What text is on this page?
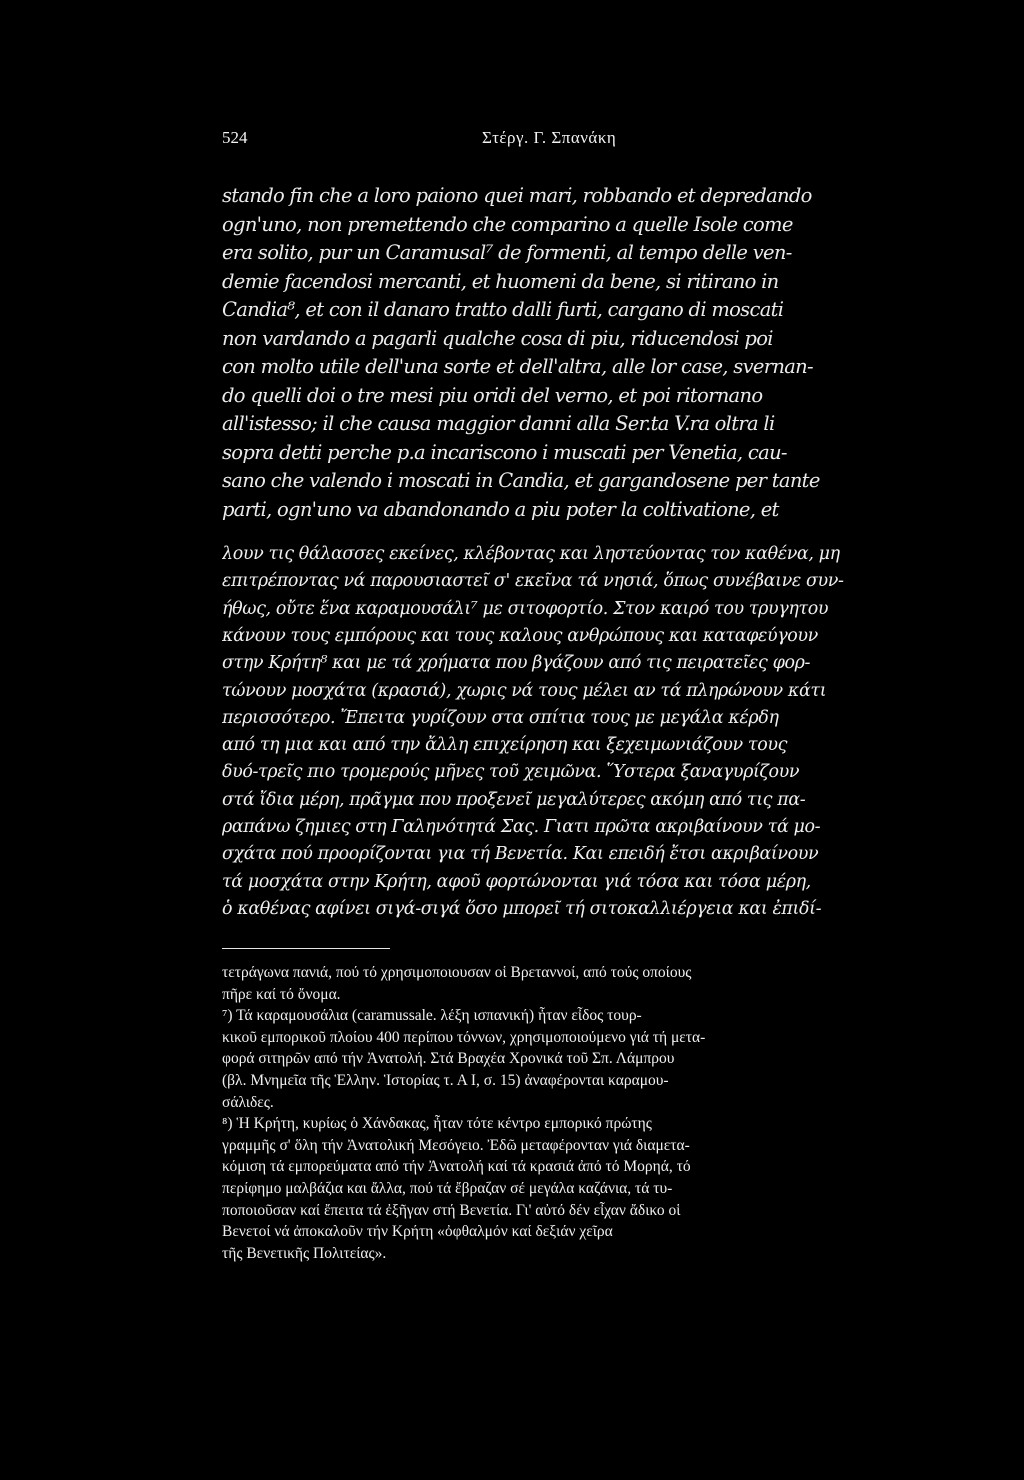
524	Στέργ. Γ. Σπανάκη
stando fin che a loro paiono quei mari, robbando et depredando
ogn'uno, non premettendo che comparino a quelle Isole come
era solito, pur un Caramusal⁷ de formenti, al tempo delle ven-
demie facendosi mercanti, et huomeni da bene, si ritirano in
Candia⁸, et con il danaro tratto dalli furti, cargano di moscati
non vardando a pagarli qualche cosa di piu, riducendosi poi
con molto utile dell'una sorte et dell'altra, alle lor case, svernan-
do quelli doi o tre mesi piu oridi del verno, et poi ritornano
all'istesso; il che causa maggior danni alla Ser.ta V.ra oltra li
sopra detti perche p.a incariscono i muscati per Venetia, cau-
sano che valendo i moscati in Candia, et gargandosene per tante
parti, ogn'uno va abandonando a piu poter la coltivatione, et
λουν τις θάλασσες εκείνες, κλέβοντας και ληστεύοντας τον καθένα, μη
επιτρέποντας νά παρουσιαστεῖ σ' εκεῖνα τά νησιά, ὅπως συνέβαινε συν-
ήθως, οὔτε ἕνα καραμουσάλι⁷ με σιτοφορτίο. Στον καιρό του τρυγητου
κάνουν τους εμπόρους και τους καλους ανθρώπους και καταφεύγουν
στην Κρήτη⁸ και με τά χρήματα που βγάζουν από τις πειρατεῖες φορ-
τώνουν μοσχάτα (κρασιά), χωρις νά τους μέλει αν τά πληρώνουν κάτι
περισσότερο. Ἔπειτα γυρίζουν στα σπίτια τους με μεγάλα κέρδη
από τη μια και από την ἄλλη επιχείρηση και ξεχειμωνιάζουν τους
δυό-τρεῖς πιο τρομερούς μῆνες τοῦ χειμῶνα. Ὕστερα ξαναγυρίζουν
στά ἴδια μέρη, πρᾶγμα που προξενεῖ μεγαλύτερες ακόμη από τις πα-
ραπάνω ζημιες στη Γαληνότητά Σας. Γιατι πρῶτα ακριβαίνουν τά μο-
σχάτα πού προορίζονται για τή Βενετία. Και επειδή ἔτσι ακριβαίνουν
τά μοσχάτα στην Κρήτη, αφοῦ φορτώνονται γιά τόσα και τόσα μέρη,
ὁ καθένας αφίνει σιγά-σιγά ὅσο μπορεῖ τή σιτοκαλλιέργεια και ἐπιδί-
τετράγωνα πανιά, πού τό χρησιμοποιουσαν οἱ Βρεταννοί, από τούς οποίους
πῆρε καί τό ὄνομα.
⁷) Τά καραμουσάλια (caramussale. λέξη ισπανική) ἦταν εἶδος τουρ-
κικοῦ εμπορικοῦ πλοίου 400 περίπου τόννων, χρησιμοποιούμενο γιά τή μετα-
φορά σιτηρῶν από τήν Ἀνατολή. Στά Βραχέα Χρονικά τοῦ Σπ. Λάμπρου
(βλ. Μνημεῖα τῆς Ἑλλην. Ἱστορίας τ. Α Ι, σ. 15) ἀναφέρονται καραμου-
σάλιδες.
⁸) Ἡ Κρήτη, κυρίως ὁ Χάνδακας, ἦταν τότε κέντρο εμπορικό πρώτης
γραμμῆς σ' ὅλη τήν Ἀνατολική Μεσόγειο. Ἐδῶ μεταφέρονταν γιά διαμετα-
κόμιση τά εμπορεύματα από τήν Ἀνατολή καί τά κρασιά ἀπό τό Μορηά, τό
περίφημο μαλβάζια και ἄλλα, πού τά ἔβραζαν σέ μεγάλα καζάνια, τά τυ-
ποποιοῦσαν καί ἔπειτα τά ἐξῆγαν στή Βενετία. Γι' αὐτό δέν εἶχαν ἄδικο οἱ
Βενετοί νά ἀποκαλοῦν τήν Κρήτη «ὀφθαλμόν καί δεξιάν χεῖρα
τῆς Βενετικῆς Πολιτείας».
